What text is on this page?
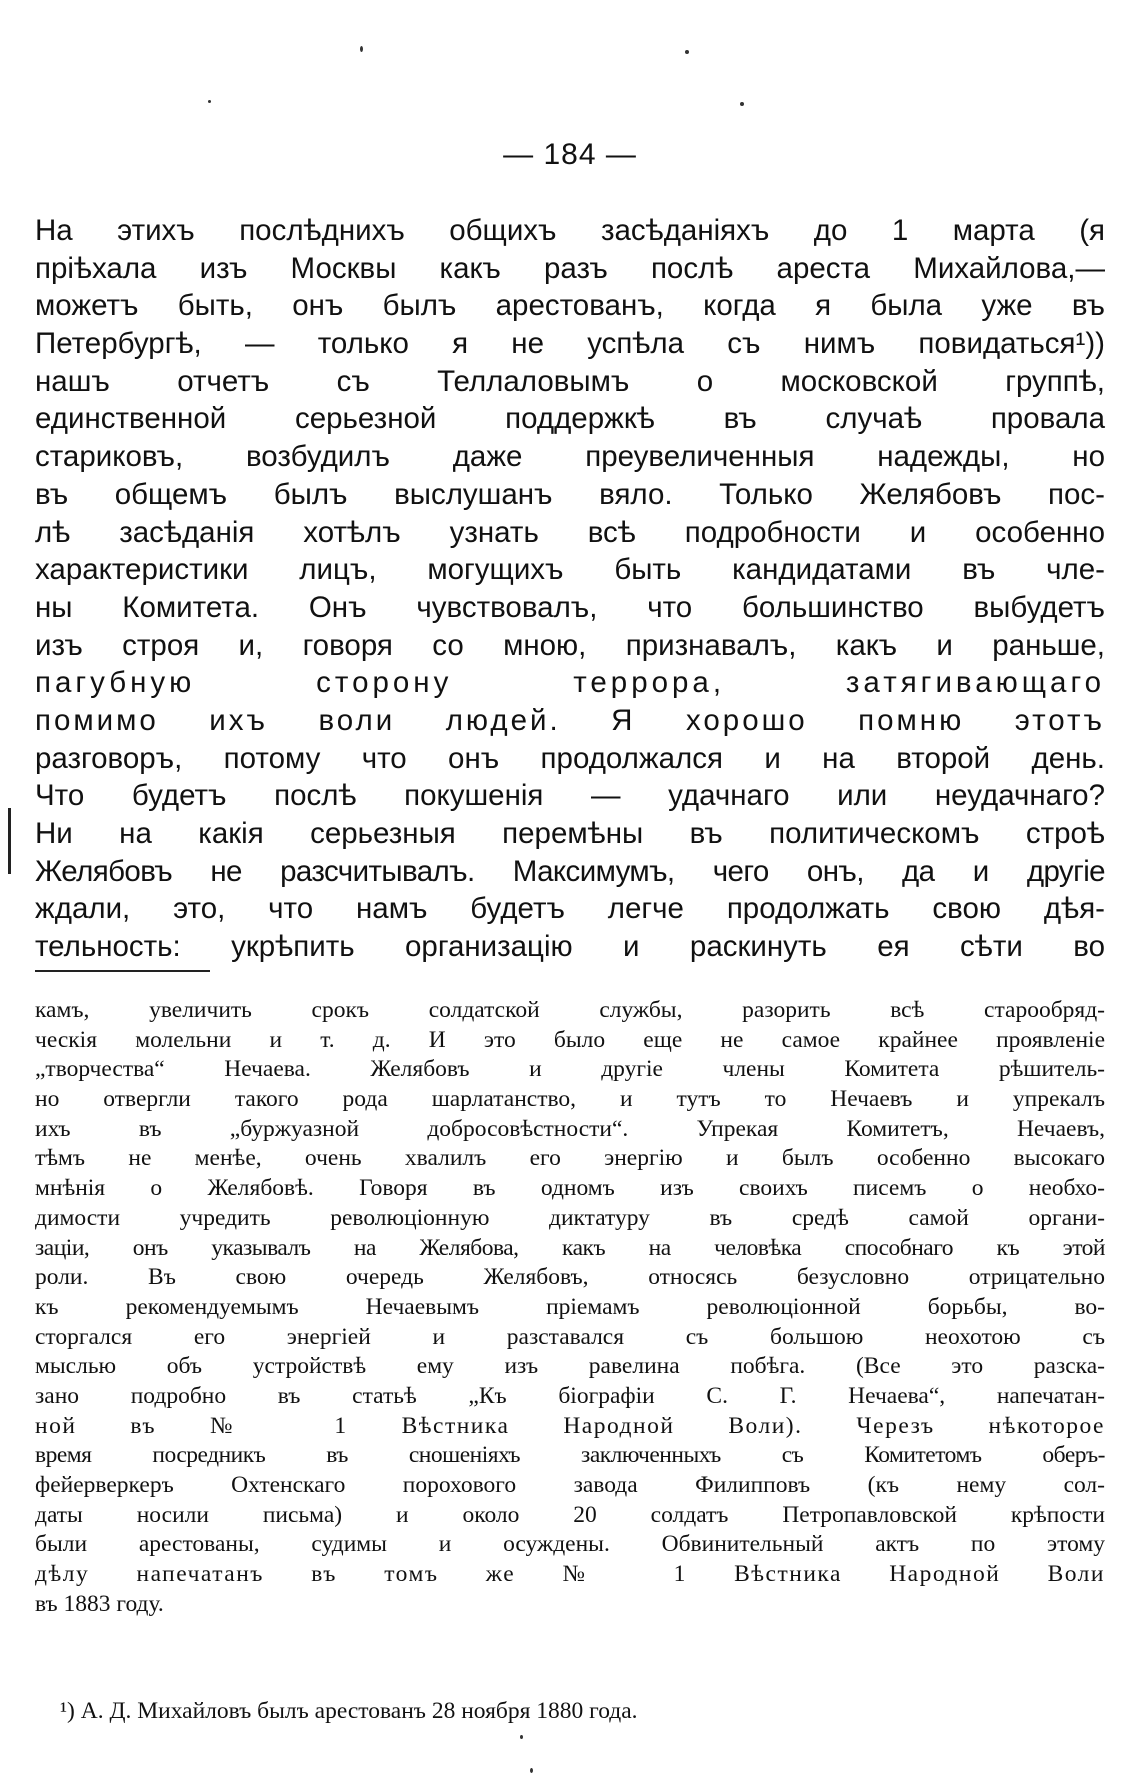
— 184 —
На этихъ послѣднихъ общихъ засѣданіяхъ до 1 марта (я
пріѣхала изъ Москвы какъ разъ послѣ ареста Михайлова,—
можетъ быть, онъ былъ арестованъ, когда я была уже въ
Петербургѣ, — только я не успѣла съ нимъ повидаться¹))
нашъ отчетъ съ Теллаловымъ о московской группѣ,
единственной серьезной поддержкѣ въ случаѣ провала
стариковъ, возбудилъ даже преувеличенныя надежды, но
въ общемъ былъ выслушанъ вяло. Только Желябовъ пос-
лѣ засѣданія хотѣлъ узнать всѣ подробности и особенно
характеристики лицъ, могущихъ быть кандидатами въ чле-
ны Комитета. Онъ чувствовалъ, что большинство выбудетъ
изъ строя и, говоря со мною, признавалъ, какъ и раньше,
пагубную сторону террора, затягивающаго
помимо ихъ воли людей. Я хорошо помню этотъ
разговоръ, потому что онъ продолжался и на второй день.
Что будетъ послѣ покушенія — удачнаго или неудачнаго?
Ни на какія серьезныя перемѣны въ политическомъ строѣ
Желябовъ не разсчитывалъ. Максимумъ, чего онъ, да и другіе
ждали, это, что намъ будетъ легче продолжать свою дѣя-
тельность: укрѣпить организацію и раскинуть ея сѣти во
камъ, увеличить срокъ солдатской службы, разорить всѣ старообряд-
ческія молельни и т. д. И это было еще не самое крайнее проявленіе
„творчества“ Нечаева. Желябовъ и другіе члены Комитета рѣшитель-
но отвергли такого рода шарлатанство, и тутъ то Нечаевъ и упрекалъ
ихъ въ „буржуазной добросовѣстности“. Упрекая Комитетъ, Нечаевъ,
тѣмъ не менѣе, очень хвалилъ его энергію и былъ особенно высокаго
мнѣнія о Желябовѣ. Говоря въ одномъ изъ своихъ писемъ о необхо-
димости учредить революціонную диктатуру въ средѣ самой органи-
заціи, онъ указывалъ на Желябова, какъ на человѣка способнаго къ этой
роли. Въ свою очередь Желябовъ, относясь безусловно отрицательно
къ рекомендуемымъ Нечаевымъ пріемамъ революціонной борьбы, во-
сторгался его энергіей и разставался съ большою неохотою съ
мыслью объ устройствѣ ему изъ равелина побѣга. (Все это разска-
зано подробно въ статьѣ „Къ біографіи С. Г. Нечаева“, напечатан-
ной въ № 1 Вѣстника Народной Воли). Черезъ нѣкоторое
время посредникъ въ сношеніяхъ заключенныхъ съ Комитетомъ оберъ-
фейерверкеръ Охтенскаго порохового завода Филипповъ (къ нему сол-
даты носили письма) и около 20 солдатъ Петропавловской крѣпости
были арестованы, судимы и осуждены. Обвинительный актъ по этому
дѣлу напечатанъ въ томъ же № 1 Вѣстника Народной Воли
въ 1883 году.
¹) А. Д. Михайловъ былъ арестованъ 28 ноября 1880 года.
